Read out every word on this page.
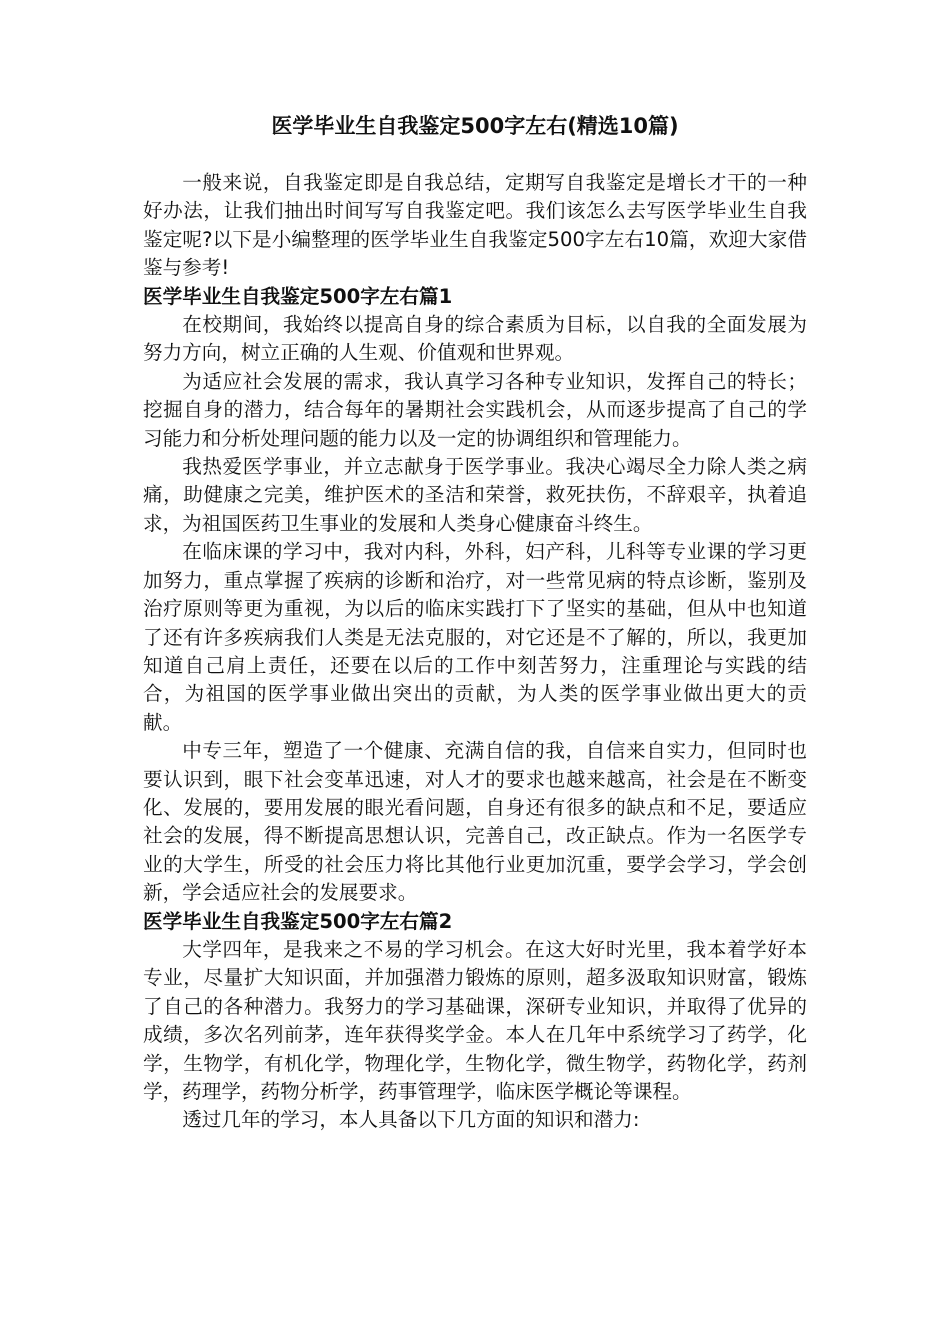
医学毕业生自我鉴定500字左右(精选10篇)

一般来说，自我鉴定即是自我总结，定期写自我鉴定是增长才干的一种好办法，让我们抽出时间写写自我鉴定吧。我们该怎么去写医学毕业生自我鉴定呢?以下是小编整理的医学毕业生自我鉴定500字左右10篇，欢迎大家借鉴与参考!

医学毕业生自我鉴定500字左右篇1

在校期间，我始终以提高自身的综合素质为目标，以自我的全面发展为努力方向，树立正确的人生观、价值观和世界观。

为适应社会发展的需求，我认真学习各种专业知识，发挥自己的特长；挖掘自身的潜力，结合每年的暑期社会实践机会，从而逐步提高了自己的学习能力和分析处理问题的能力以及一定的协调组织和管理能力。

我热爱医学事业，并立志献身于医学事业。我决心竭尽全力除人类之病痛，助健康之完美，维护医术的圣洁和荣誉，救死扶伤，不辞艰辛，执着追求，为祖国医药卫生事业的发展和人类身心健康奋斗终生。

在临床课的学习中，我对内科，外科，妇产科，儿科等专业课的学习更加努力，重点掌握了疾病的诊断和治疗，对一些常见病的特点诊断，鉴别及治疗原则等更为重视，为以后的临床实践打下了坚实的基础，但从中也知道了还有许多疾病我们人类是无法克服的，对它还是不了解的，所以，我更加知道自己肩上责任，还要在以后的工作中刻苦努力，注重理论与实践的结合，为祖国的医学事业做出突出的贡献，为人类的医学事业做出更大的贡献。

中专三年，塑造了一个健康、充满自信的我，自信来自实力，但同时也要认识到，眼下社会变革迅速，对人才的要求也越来越高，社会是在不断变化、发展的，要用发展的眼光看问题，自身还有很多的缺点和不足，要适应社会的发展，得不断提高思想认识，完善自己，改正缺点。作为一名医学专业的大学生，所受的社会压力将比其他行业更加沉重，要学会学习，学会创新，学会适应社会的发展要求。

医学毕业生自我鉴定500字左右篇2

大学四年，是我来之不易的学习机会。在这大好时光里，我本着学好本专业，尽量扩大知识面，并加强潜力锻炼的原则，超多汲取知识财富，锻炼了自己的各种潜力。我努力的学习基础课，深研专业知识，并取得了优异的成绩，多次名列前茅，连年获得奖学金。本人在几年中系统学习了药学，化学，生物学，有机化学，物理化学，生物化学，微生物学，药物化学，药剂学，药理学，药物分析学，药事管理学，临床医学概论等课程。

透过几年的学习，本人具备以下几方面的知识和潜力:
